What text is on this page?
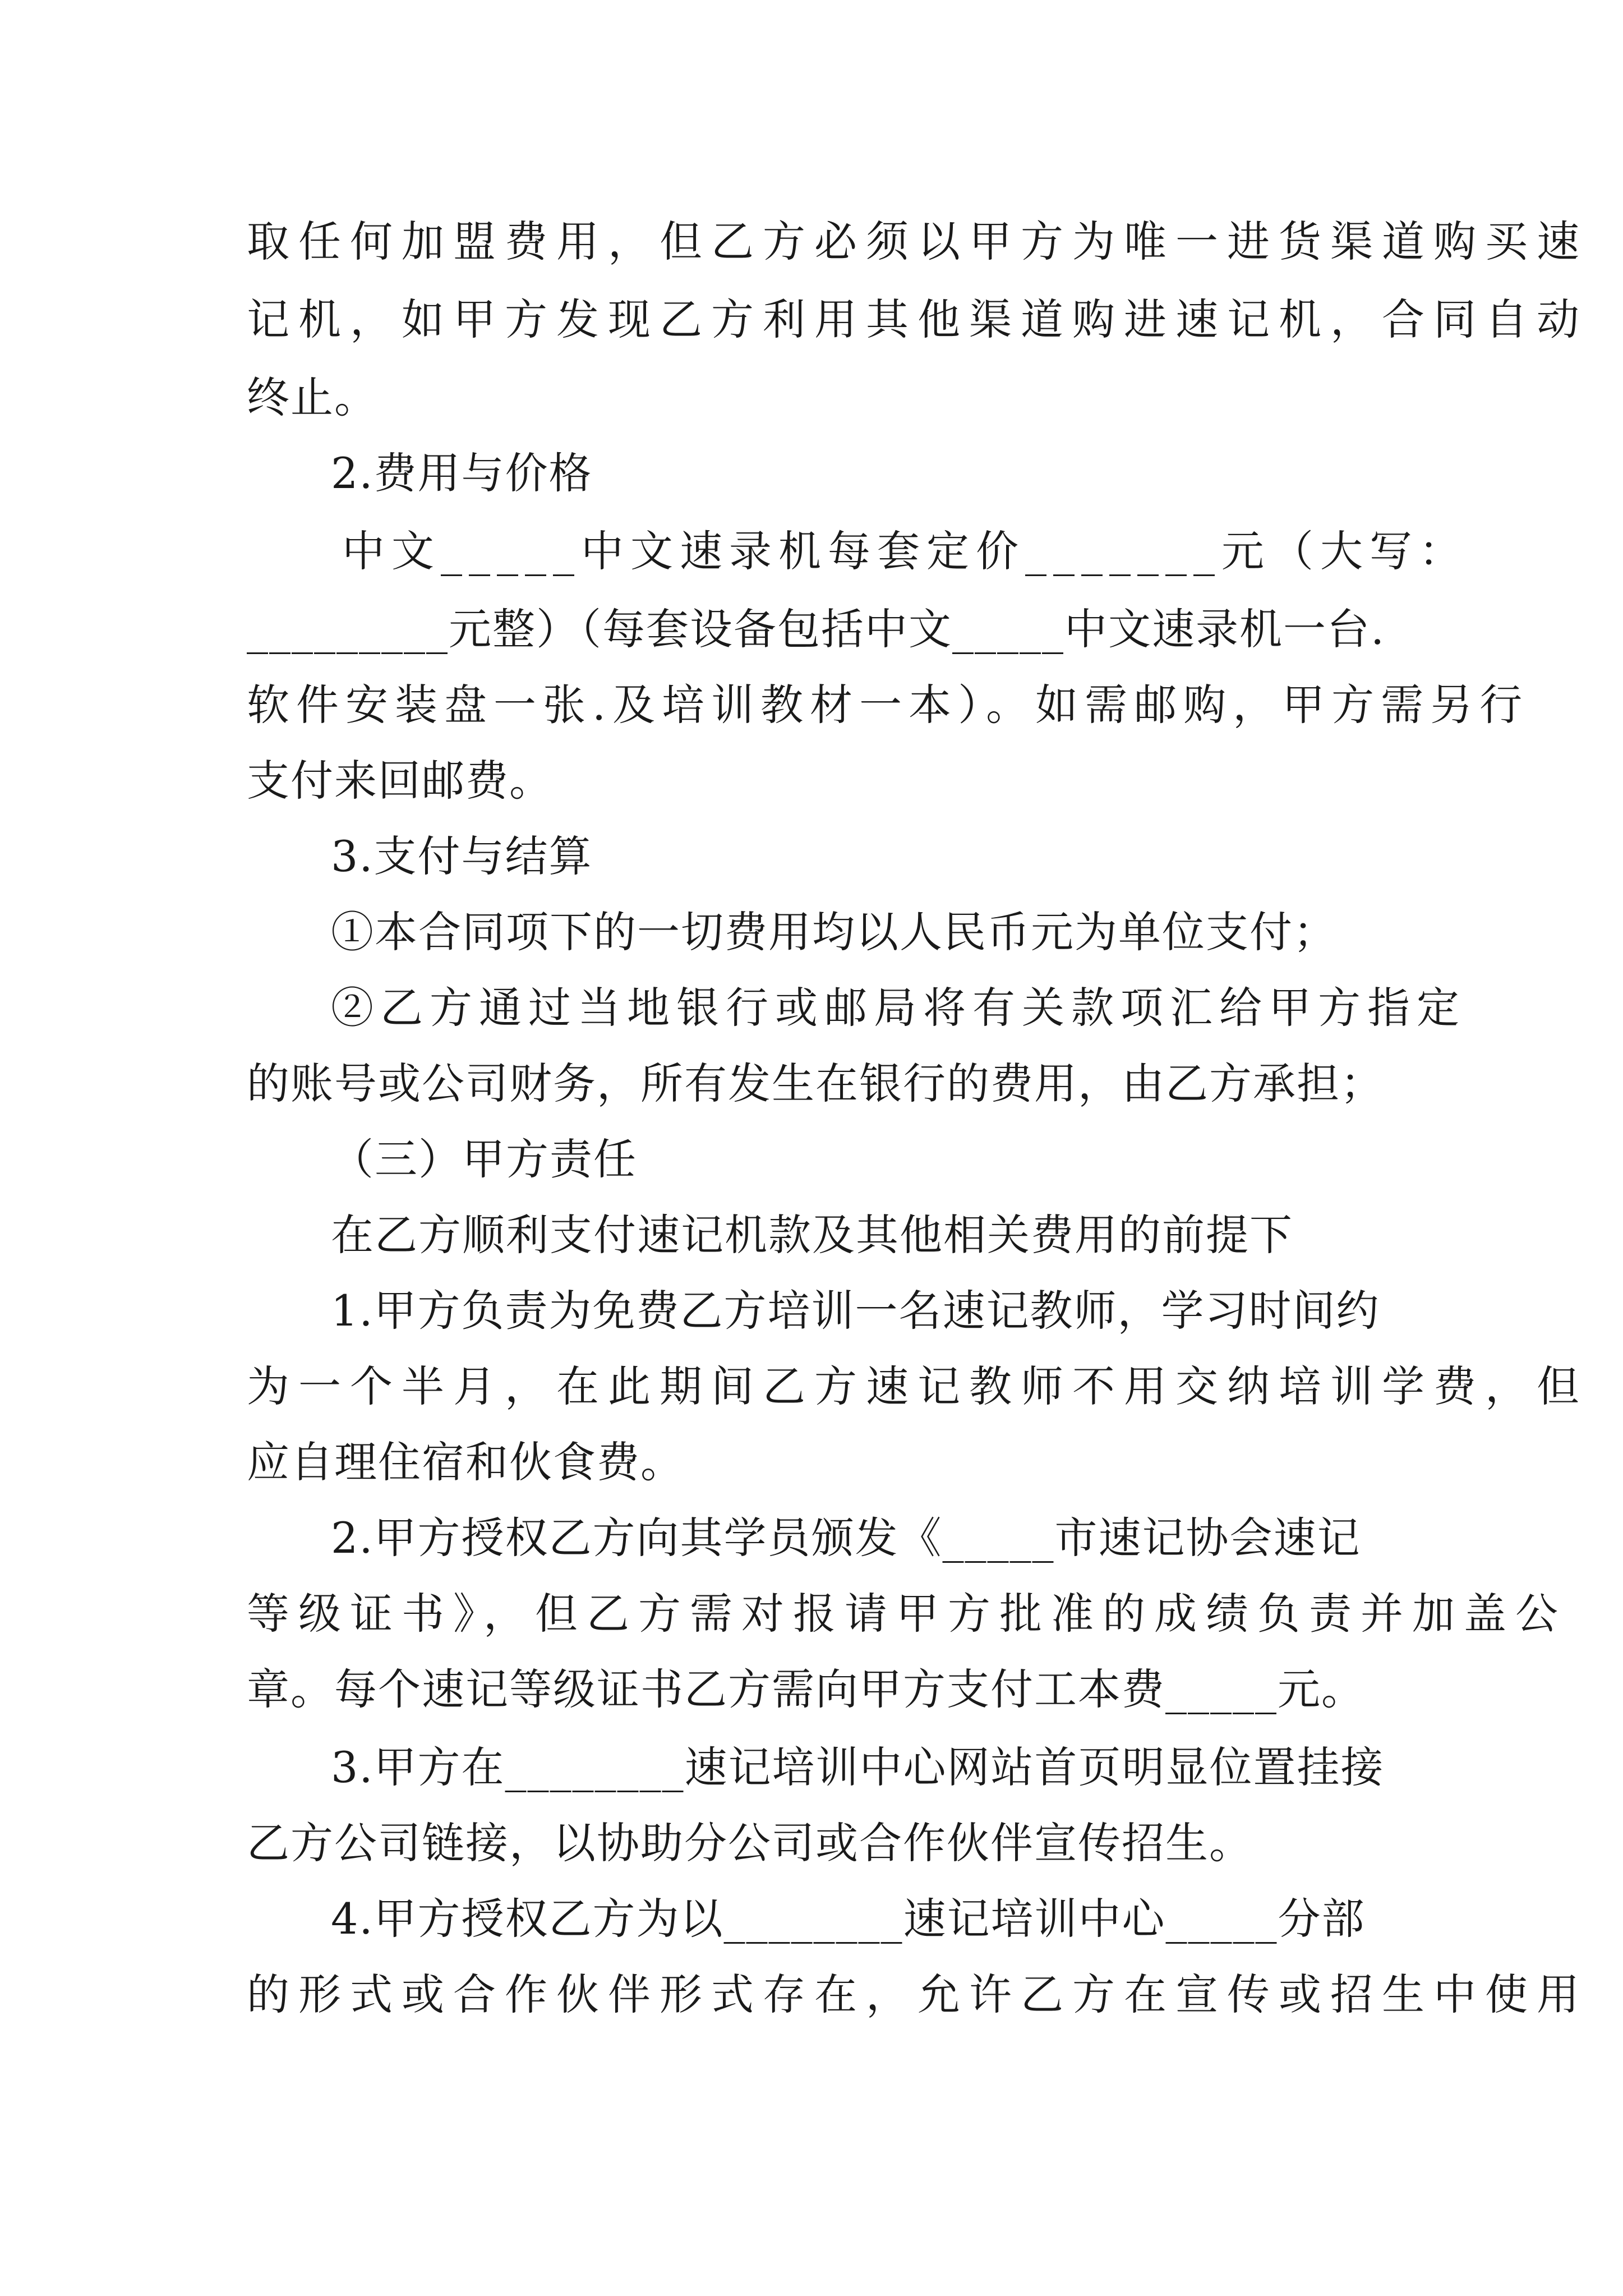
取任何加盟费用，但乙方必须以甲方为唯一进货渠道购买速
记机，如甲方发现乙方利用其他渠道购进速记机，合同自动
终止。
2.费用与价格
中文_____中文速录机每套定价_______元（大写：
_________元整）（每套设备包括中文_____中文速录机一台.
软件安装盘一张.及培训教材一本）。如需邮购，甲方需另行
支付来回邮费。
3.支付与结算
①本合同项下的一切费用均以人民币元为单位支付；
②乙方通过当地银行或邮局将有关款项汇给甲方指定
的账号或公司财务，所有发生在银行的费用，由乙方承担；
（三）甲方责任
在乙方顺利支付速记机款及其他相关费用的前提下
1.甲方负责为免费乙方培训一名速记教师，学习时间约
为一个半月，在此期间乙方速记教师不用交纳培训学费，但
应自理住宿和伙食费。
2.甲方授权乙方向其学员颁发《_____市速记协会速记
等级证书》，但乙方需对报请甲方批准的成绩负责并加盖公
章。每个速记等级证书乙方需向甲方支付工本费_____元。
3.甲方在________速记培训中心网站首页明显位置挂接
乙方公司链接，以协助分公司或合作伙伴宣传招生。
4.甲方授权乙方为以________速记培训中心_____分部
的形式或合作伙伴形式存在，允许乙方在宣传或招生中使用
